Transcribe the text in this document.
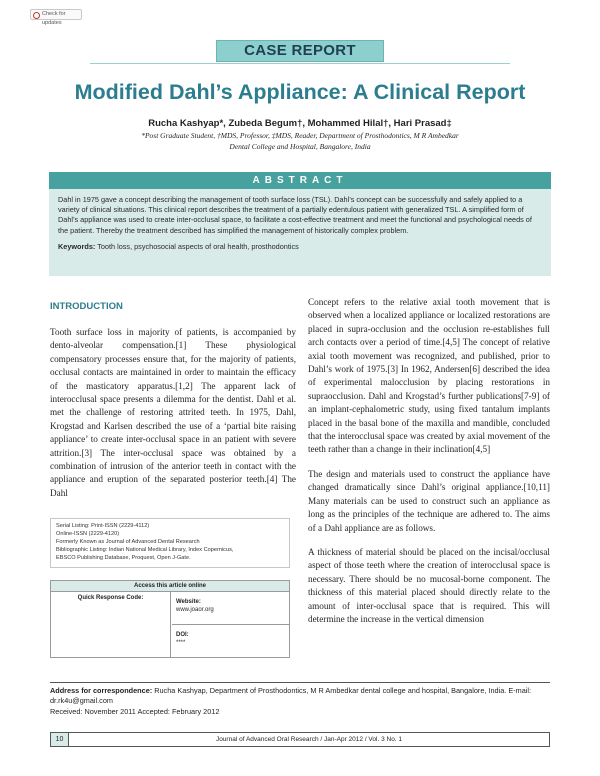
Check for updates
CASE REPORT
Modified Dahl’s Appliance: A Clinical Report
Rucha Kashyap*, Zubeda Begum†, Mohammed Hilal†, Hari Prasad‡
*Post Graduate Student, †MDS, Professor, ‡MDS, Reader, Department of Prosthodontics, M R Ambedkar
Dental College and Hospital, Bangalore, India
ABSTRACT

Dahl in 1975 gave a concept describing the management of tooth surface loss (TSL). Dahl’s concept can be successfully and safely applied to a variety of clinical situations. This clinical report describes the treatment of a partially edentulous patient with generalized TSL. A simplified form of Dahl’s appliance was used to create inter-occlusal space, to facilitate a cost-effective treatment and meet the functional and psychological needs of the patient. Thereby the treatment described has simplified the management of historically complex problem.

Keywords: Tooth loss, psychosocial aspects of oral health, prosthodontics

INTRODUCTION

Tooth surface loss in majority of patients, is accompanied by dento-alveolar compensation.[1] These physiological compensatory processes ensure that, for the majority of patients, occlusal contacts are maintained in order to maintain the efficacy of the masticatory apparatus.[1,2] The apparent lack of interocclusal space presents a dilemma for the dentist. Dahl et al. met the challenge of restoring attrited teeth. In 1975, Dahl, Krogstad and Karlsen described the use of a ‘partial bite raising appliance’ to create inter-occlusal space in an patient with severe attrition.[3] The inter-occlusal space was obtained by a combination of intrusion of the anterior teeth in contact with the appliance and eruption of the separated posterior teeth.[4] The Dahl

Concept refers to the relative axial tooth movement that is observed when a localized appliance or localized restorations are placed in supra-occlusion and the occlusion re-establishes full arch contacts over a period of time.[4,5] The concept of relative axial tooth movement was recognized, and published, prior to Dahl’s work of 1975.[3] In 1962, Andersen[6] described the idea of experimental malocclusion by placing restorations in supraocclusion. Dahl and Krogstad’s further publications[7-9] of an implant-cephalometric study, using fixed tantalum implants placed in the basal bone of the maxilla and mandible, concluded that the interocclusal space was created by axial movement of the teeth rather than a change in their inclination[4,5]

The design and materials used to construct the appliance have changed dramatically since Dahl’s original appliance.[10,11] Many materials can be used to construct such an appliance as long as the principles of the technique are adhered to. The aims of a Dahl appliance are as follows.

A thickness of material should be placed on the incisal/occlusal aspect of those teeth where the creation of interocclusal space is necessary. There should be no mucosal-borne component. The thickness of this material placed should directly relate to the amount of inter-occlusal space that is required. This will determine the increase in the vertical dimension

Serial Listing: Print-ISSN (2229-4112)
Online-ISSN (2229-4120)
Formerly Known as Journal of Advanced Dental Research
Bibliographic Listing: Indian National Medical Library, Index Copernicus,
EBSCO Publishing Database, Proquest, Open J-Gate.
Access this article online
Quick Response Code:
Website:
www.joaor.org
DOI:
****
Address for correspondence: Rucha Kashyap, Department of Prosthodontics, M R Ambedkar dental college and hospital, Bangalore, India. E-mail: dr.rk4u@gmail.com
Received: November 2011 Accepted: February 2012
10	Journal of Advanced Oral Research / Jan-Apr 2012 / Vol. 3 No. 1
